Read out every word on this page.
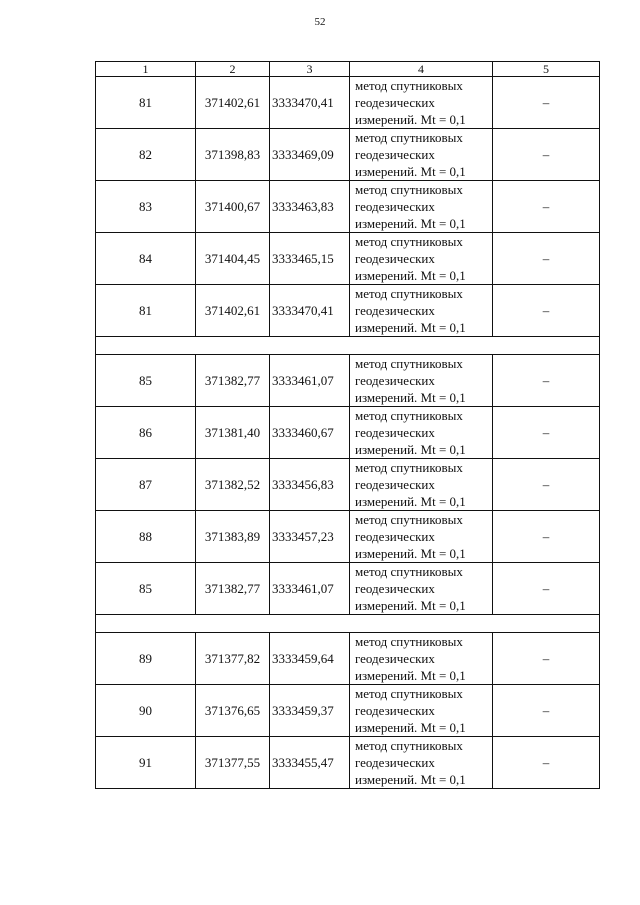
52
1	2	3	4	5
81	371402,61	3333470,41	метод спутниковых
геодезических
измерений. Mt = 0,1	–
82	371398,83	3333469,09	метод спутниковых
геодезических
измерений. Mt = 0,1	–
83	371400,67	3333463,83	метод спутниковых
геодезических
измерений. Mt = 0,1	–
84	371404,45	3333465,15	метод спутниковых
геодезических
измерений. Mt = 0,1	–
81	371402,61	3333470,41	метод спутниковых
геодезических
измерений. Mt = 0,1	–

85	371382,77	3333461,07	метод спутниковых
геодезических
измерений. Mt = 0,1	–
86	371381,40	3333460,67	метод спутниковых
геодезических
измерений. Mt = 0,1	–
87	371382,52	3333456,83	метод спутниковых
геодезических
измерений. Mt = 0,1	–
88	371383,89	3333457,23	метод спутниковых
геодезических
измерений. Mt = 0,1	–
85	371382,77	3333461,07	метод спутниковых
геодезических
измерений. Mt = 0,1	–

89	371377,82	3333459,64	метод спутниковых
геодезических
измерений. Mt = 0,1	–
90	371376,65	3333459,37	метод спутниковых
геодезических
измерений. Mt = 0,1	–
91	371377,55	3333455,47	метод спутниковых
геодезических
измерений. Mt = 0,1	–
